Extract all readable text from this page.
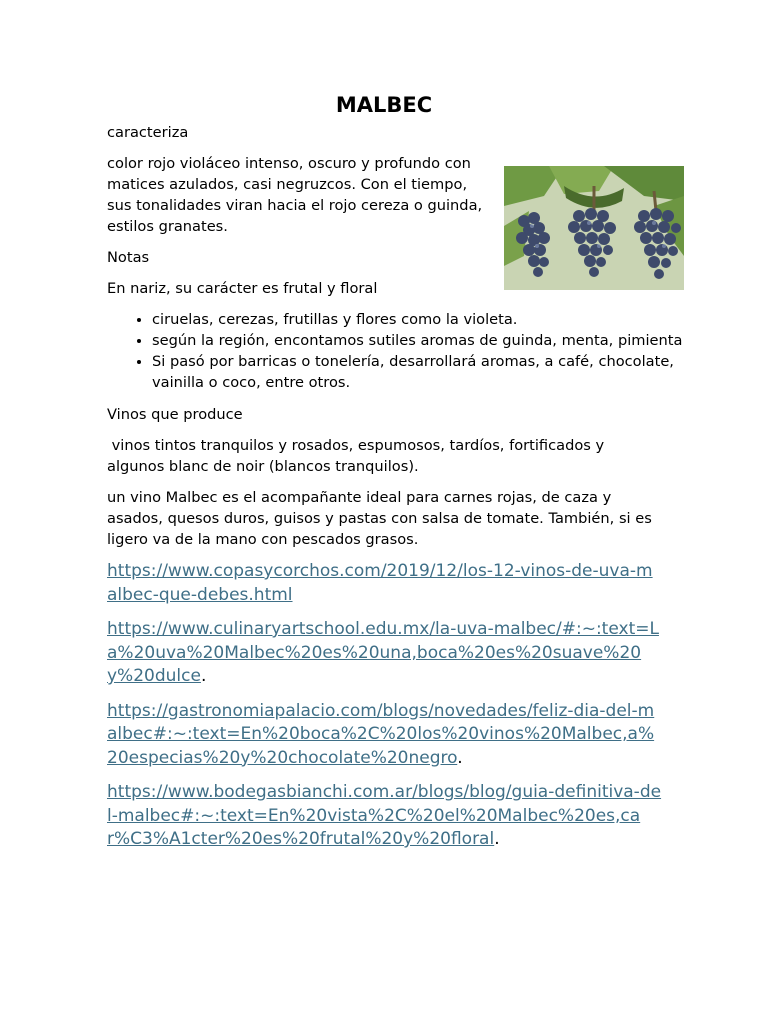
MALBEC

caracteriza

color rojo violáceo intenso, oscuro y profundo con matices azulados, casi negruzcos. Con el tiempo, sus tonalidades viran hacia el rojo cereza o guinda, estilos granates.

Notas

En nariz, su carácter es frutal y floral

• ciruelas, cerezas, frutillas y flores como la violeta.
• según la región, encontamos sutiles aromas de guinda, menta, pimienta
• Si pasó por barricas o tonelería, desarrollará aromas, a café, chocolate, vainilla o coco, entre otros.

Vinos que produce

vinos tintos tranquilos y rosados, espumosos, tardíos, fortificados y algunos blanc de noir (blancos tranquilos).

un vino Malbec es el acompañante ideal para carnes rojas, de caza y asados, quesos duros, guisos y pastas con salsa de tomate. También, si es ligero va de la mano con pescados grasos.

https://www.copasycorchos.com/2019/12/los-12-vinos-de-uva-malbec-que-debes.html

https://www.culinaryartschool.edu.mx/la-uva-malbec/#:~:text=La%20uva%20Malbec%20es%20una,boca%20es%20suave%20y%20dulce.

https://gastronomiapalacio.com/blogs/novedades/feliz-dia-del-malbec#:~:text=En%20boca%2C%20los%20vinos%20Malbec,a%20especias%20y%20chocolate%20negro.

https://www.bodegasbianchi.com.ar/blogs/blog/guia-definitiva-del-malbec#:~:text=En%20vista%2C%20el%20Malbec%20es,car%C3%A1cter%20es%20frutal%20y%20floral.
